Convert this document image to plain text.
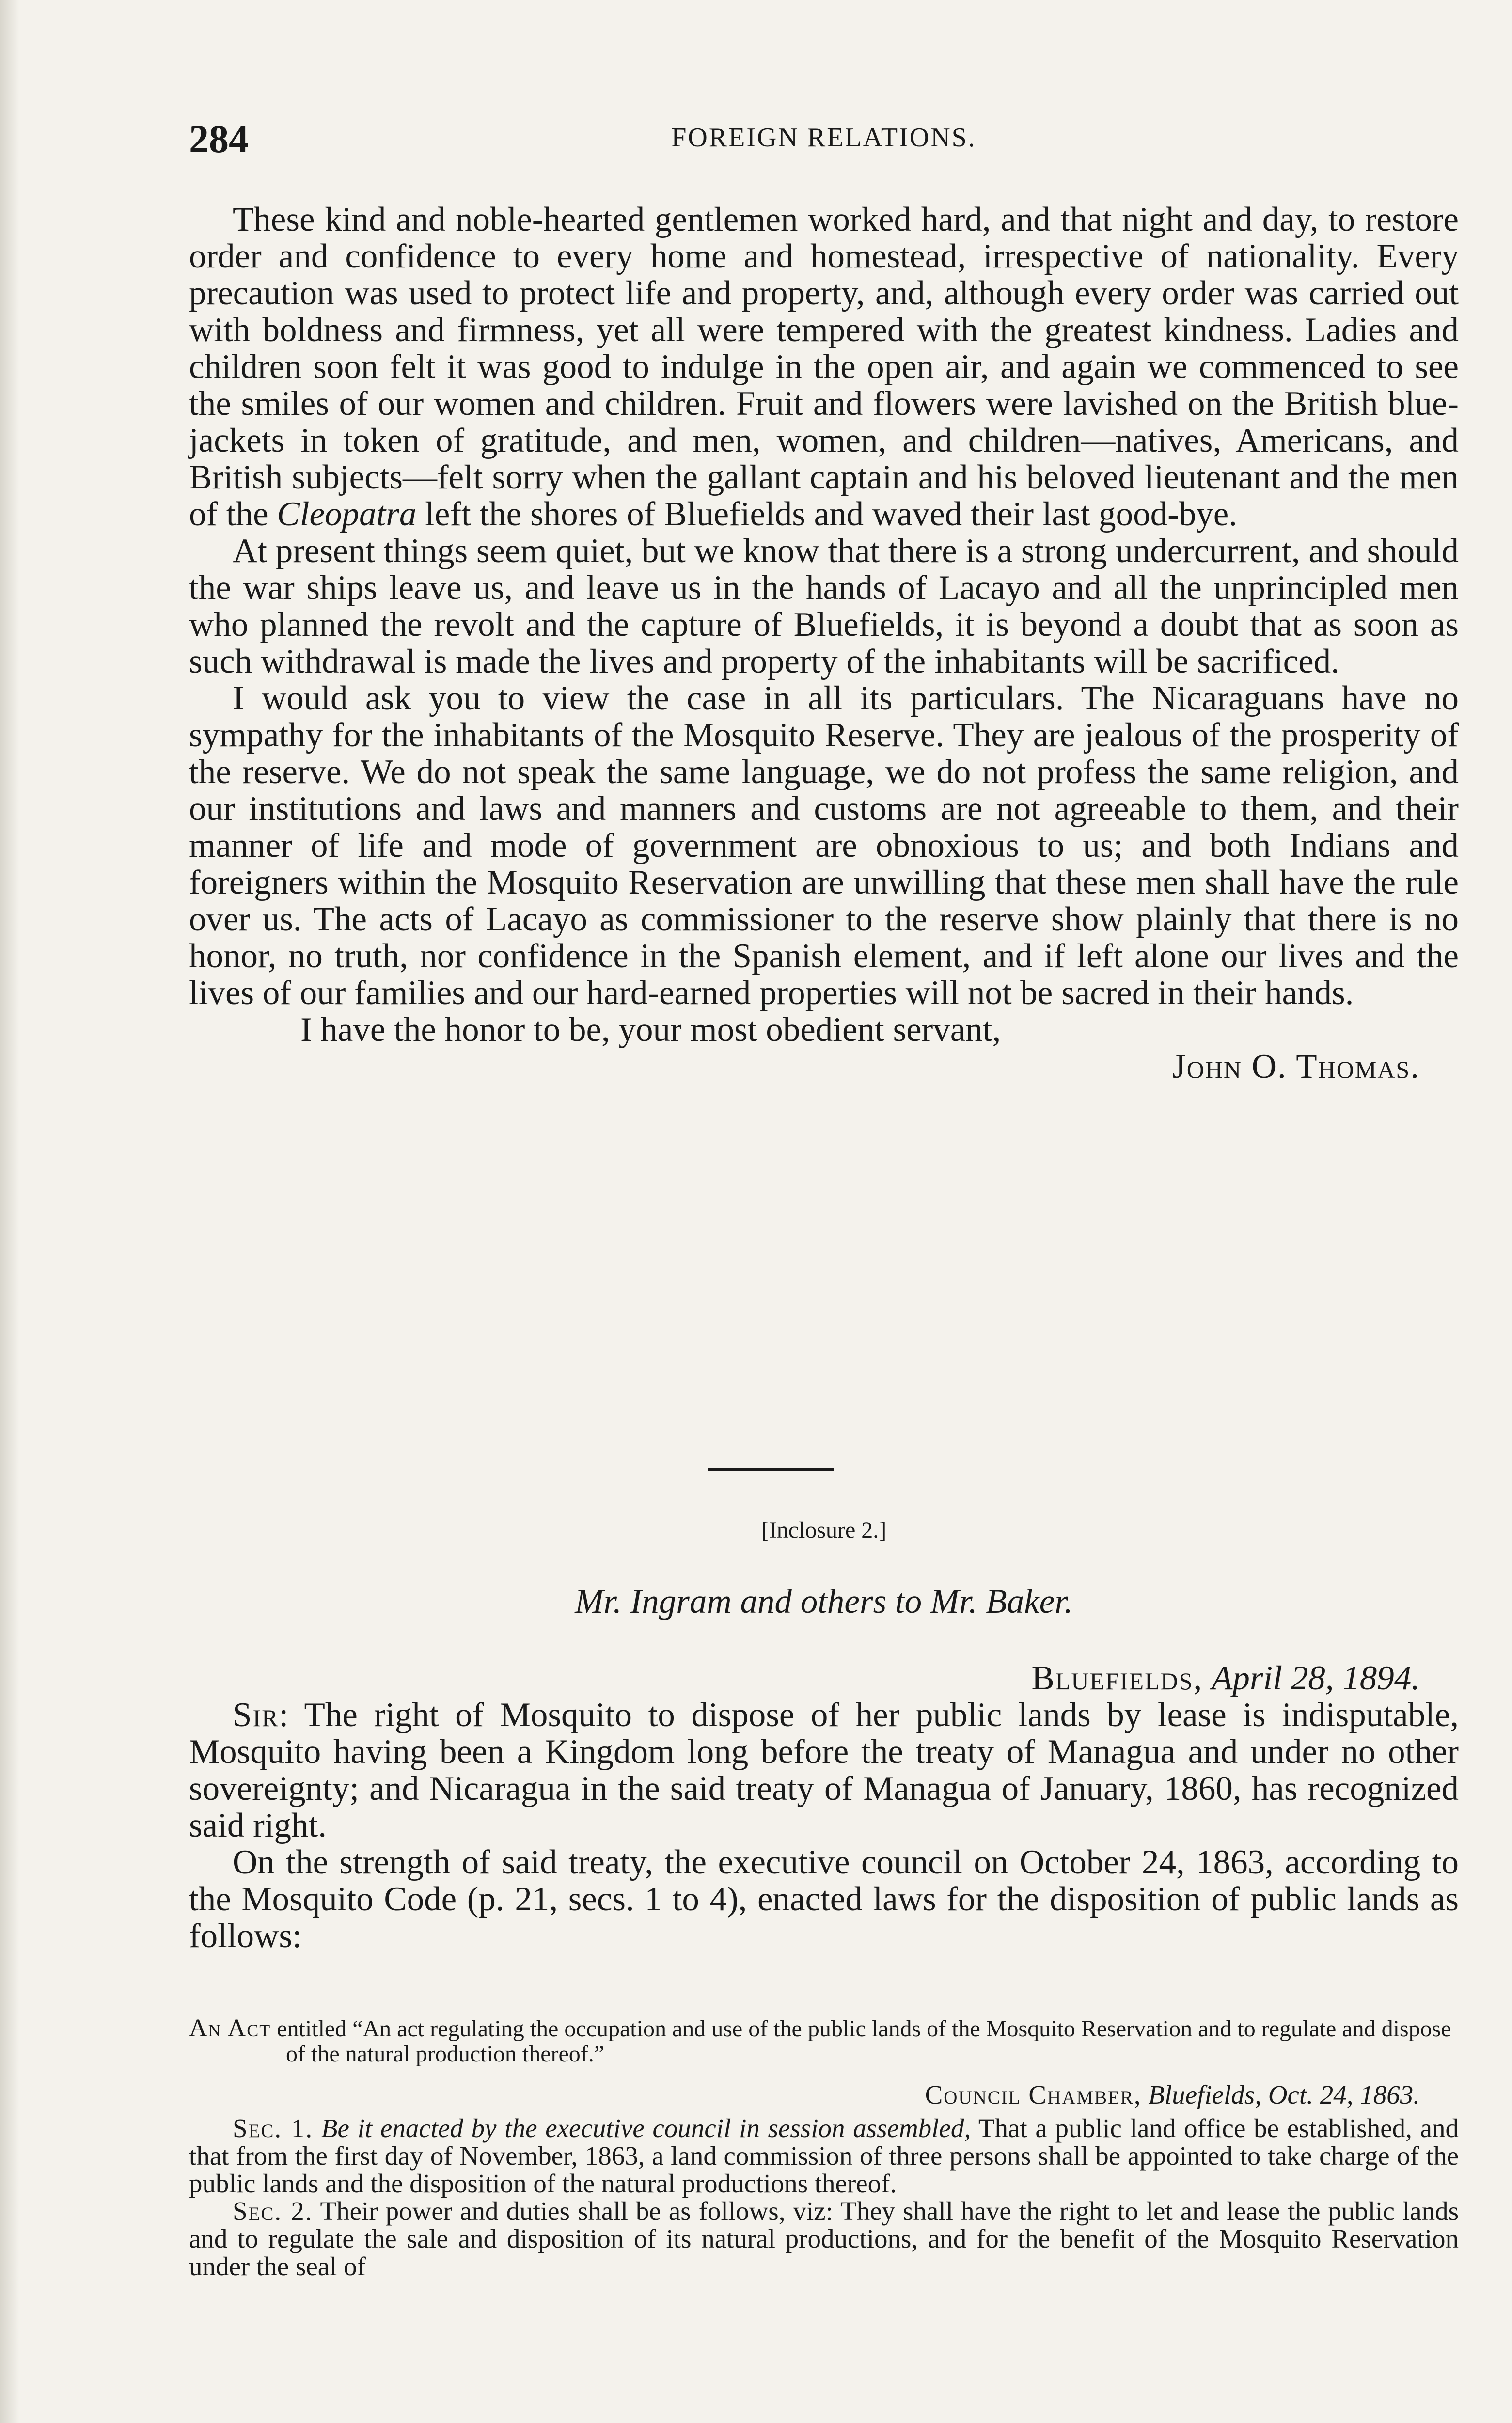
284	FOREIGN RELATIONS.

These kind and noble-hearted gentlemen worked hard, and that night and day, to restore order and confidence to every home and homestead, irrespective of nationality. Every precaution was used to protect life and property, and, although every order was carried out with boldness and firmness, yet all were tempered with the greatest kindness. Ladies and children soon felt it was good to indulge in the open air, and again we commenced to see the smiles of our women and children. Fruit and flowers were lavished on the British blue-jackets in token of gratitude, and men, women, and children—natives, Americans, and British subjects—felt sorry when the gallant captain and his beloved lieutenant and the men of the Cleopatra left the shores of Bluefields and waved their last good-bye.

At present things seem quiet, but we know that there is a strong undercurrent, and should the war ships leave us, and leave us in the hands of Lacayo and all the unprincipled men who planned the revolt and the capture of Bluefields, it is beyond a doubt that as soon as such withdrawal is made the lives and property of the inhabitants will be sacrificed.

I would ask you to view the case in all its particulars. The Nicaraguans have no sympathy for the inhabitants of the Mosquito Reserve. They are jealous of the prosperity of the reserve. We do not speak the same language, we do not profess the same religion, and our institutions and laws and manners and customs are not agreeable to them, and their manner of life and mode of government are obnoxious to us; and both Indians and foreigners within the Mosquito Reservation are unwilling that these men shall have the rule over us. The acts of Lacayo as commissioner to the reserve show plainly that there is no honor, no truth, nor confidence in the Spanish element, and if left alone our lives and the lives of our families and our hard-earned properties will not be sacred in their hands.

I have the honor to be, your most obedient servant,

John O. Thomas.

[Inclosure 2.]
Mr. Ingram and others to Mr. Baker.

Bluefields, April 28, 1894.

Sir: The right of Mosquito to dispose of her public lands by lease is indisputable, Mosquito having been a Kingdom long before the treaty of Managua and under no other sovereignty; and Nicaragua in the said treaty of Managua of January, 1860, has recognized said right.

On the strength of said treaty, the executive council on October 24, 1863, according to the Mosquito Code (p. 21, secs. 1 to 4), enacted laws for the disposition of public lands as follows:

An Act entitled “An act regulating the occupation and use of the public lands of the Mosquito Reservation and to regulate and dispose of the natural production thereof.”

Council Chamber, Bluefields, Oct. 24, 1863.

Sec. 1. Be it enacted by the executive council in session assembled, That a public land office be established, and that from the first day of November, 1863, a land commission of three persons shall be appointed to take charge of the public lands and the disposition of the natural productions thereof.

Sec. 2. Their power and duties shall be as follows, viz: They shall have the right to let and lease the public lands and to regulate the sale and disposition of its natural productions, and for the benefit of the Mosquito Reservation under the seal of
